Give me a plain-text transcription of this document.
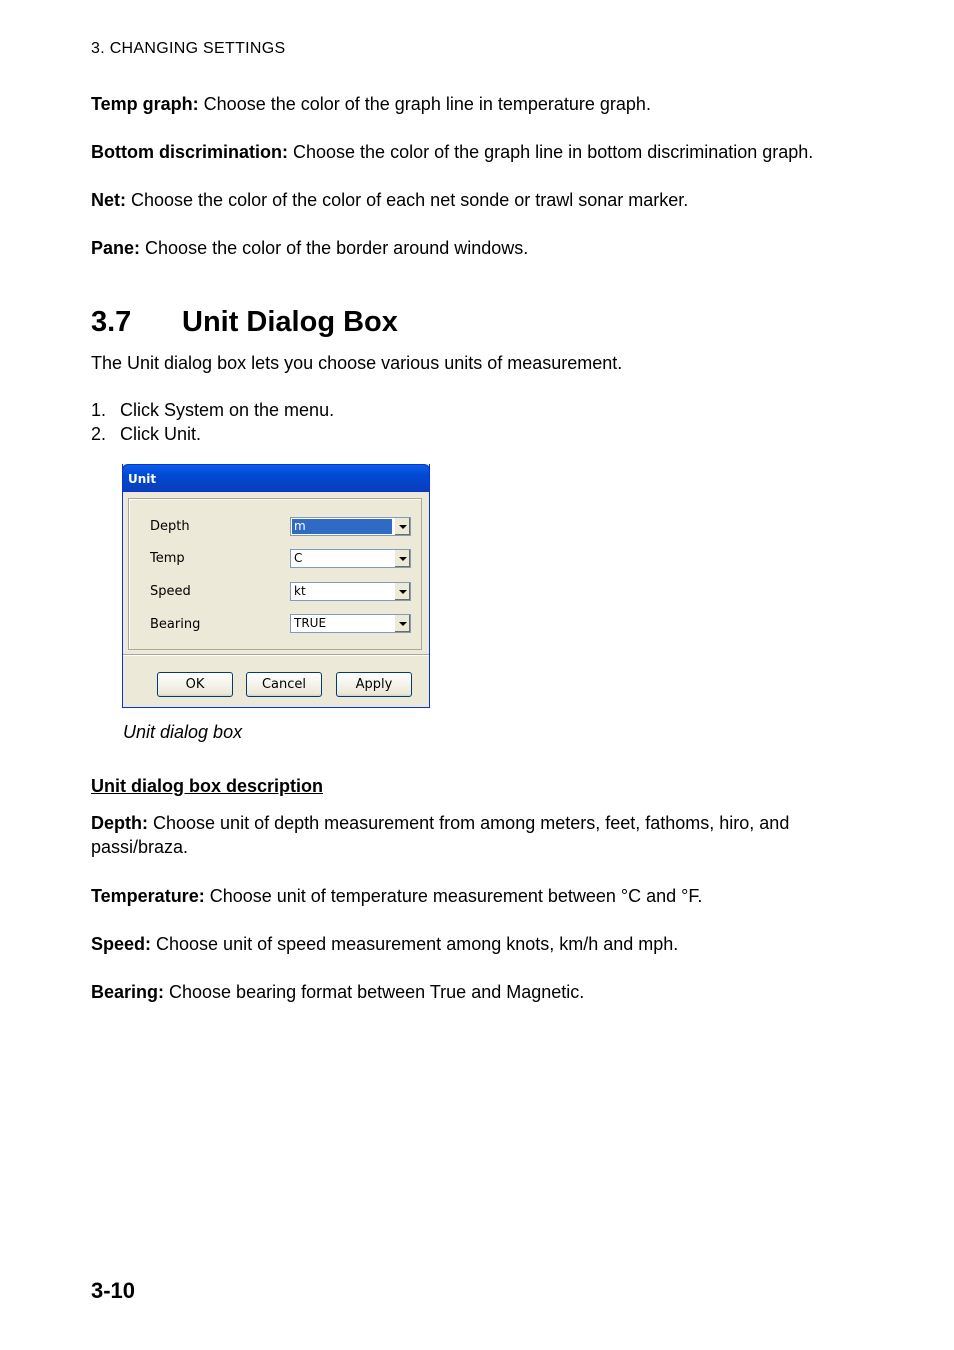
3. CHANGING SETTINGS
Temp graph: Choose the color of the graph line in temperature graph.
Bottom discrimination: Choose the color of the graph line in bottom discrimination graph.
Net: Choose the color of the color of each net sonde or trawl sonar marker.
Pane: Choose the color of the border around windows.
3.7 Unit Dialog Box
The Unit dialog box lets you choose various units of measurement.
1. Click System on the menu.
2. Click Unit.
Unit
Depth	m
Temp	C
Speed	kt
Bearing	TRUE
OK	Cancel	Apply
Unit dialog box
Unit dialog box description
Depth: Choose unit of depth measurement from among meters, feet, fathoms, hiro, and passi/braza.
Temperature: Choose unit of temperature measurement between °C and °F.
Speed: Choose unit of speed measurement among knots, km/h and mph.
Bearing: Choose bearing format between True and Magnetic.
3-10
